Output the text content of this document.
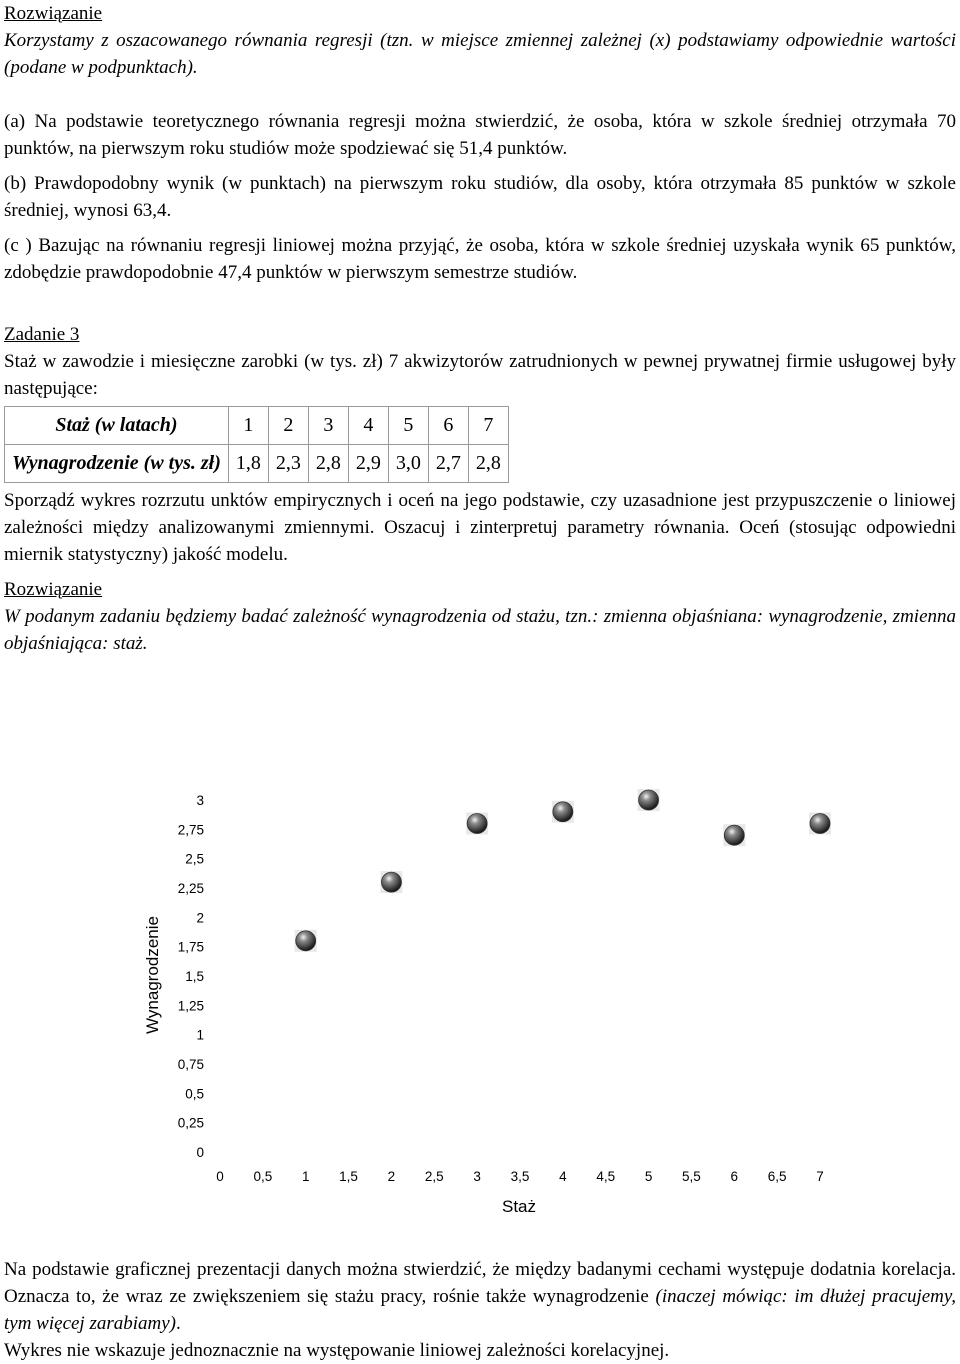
Rozwiązanie

Korzystamy z oszacowanego równania regresji (tzn. w miejsce zmiennej zależnej (x) podstawiamy odpowiednie wartości (podane w podpunktach).

(a) Na podstawie teoretycznego równania regresji można stwierdzić, że osoba, która w szkole średniej otrzymała 70 punktów, na pierwszym roku studiów może spodziewać się 51,4 punktów.

(b) Prawdopodobny wynik (w punktach) na pierwszym roku studiów, dla osoby, która otrzymała 85 punktów w szkole średniej, wynosi 63,4.

(c ) Bazując na równaniu regresji liniowej można przyjąć, że osoba, która w szkole średniej uzyskała wynik 65 punktów, zdobędzie prawdopodobnie 47,4 punktów w pierwszym semestrze studiów.

Zadanie 3

Staż w zawodzie i miesięczne zarobki (w tys. zł) 7 akwizytorów zatrudnionych w pewnej prywatnej firmie usługowej były następujące:

Staż (w latach)	1	2	3	4	5	6	7
Wynagrodzenie (w tys. zł)	1,8	2,3	2,8	2,9	3,0	2,7	2,8

Sporządź wykres rozrzutu unktów empirycznych i oceń na jego podstawie, czy uzasadnione jest przypuszczenie o liniowej zależności między analizowanymi zmiennymi. Oszacuj i zinterpretuj parametry równania. Oceń (stosując odpowiedni miernik statystyczny) jakość modelu.

Rozwiązanie

W podanym zadaniu będziemy badać zależność wynagrodzenia od stażu, tzn.: zmienna objaśniana: wynagrodzenie, zmienna objaśniająca: staż.

0
0,25
0,5
0,75
1
1,25
1,5
1,75
2
2,25
2,5
2,75
3
0 0,5 1 1,5 2 2,5 3 3,5 4 4,5 5 5,5 6 6,5 7
Wynagrodzenie
Staż

Na podstawie graficznej prezentacji danych można stwierdzić, że między badanymi cechami występuje dodatnia korelacja. Oznacza to, że wraz ze zwiększeniem się stażu pracy, rośnie także wynagrodzenie (inaczej mówiąc: im dłużej pracujemy, tym więcej zarabiamy).

Wykres nie wskazuje jednoznacznie na występowanie liniowej zależności korelacyjnej.
